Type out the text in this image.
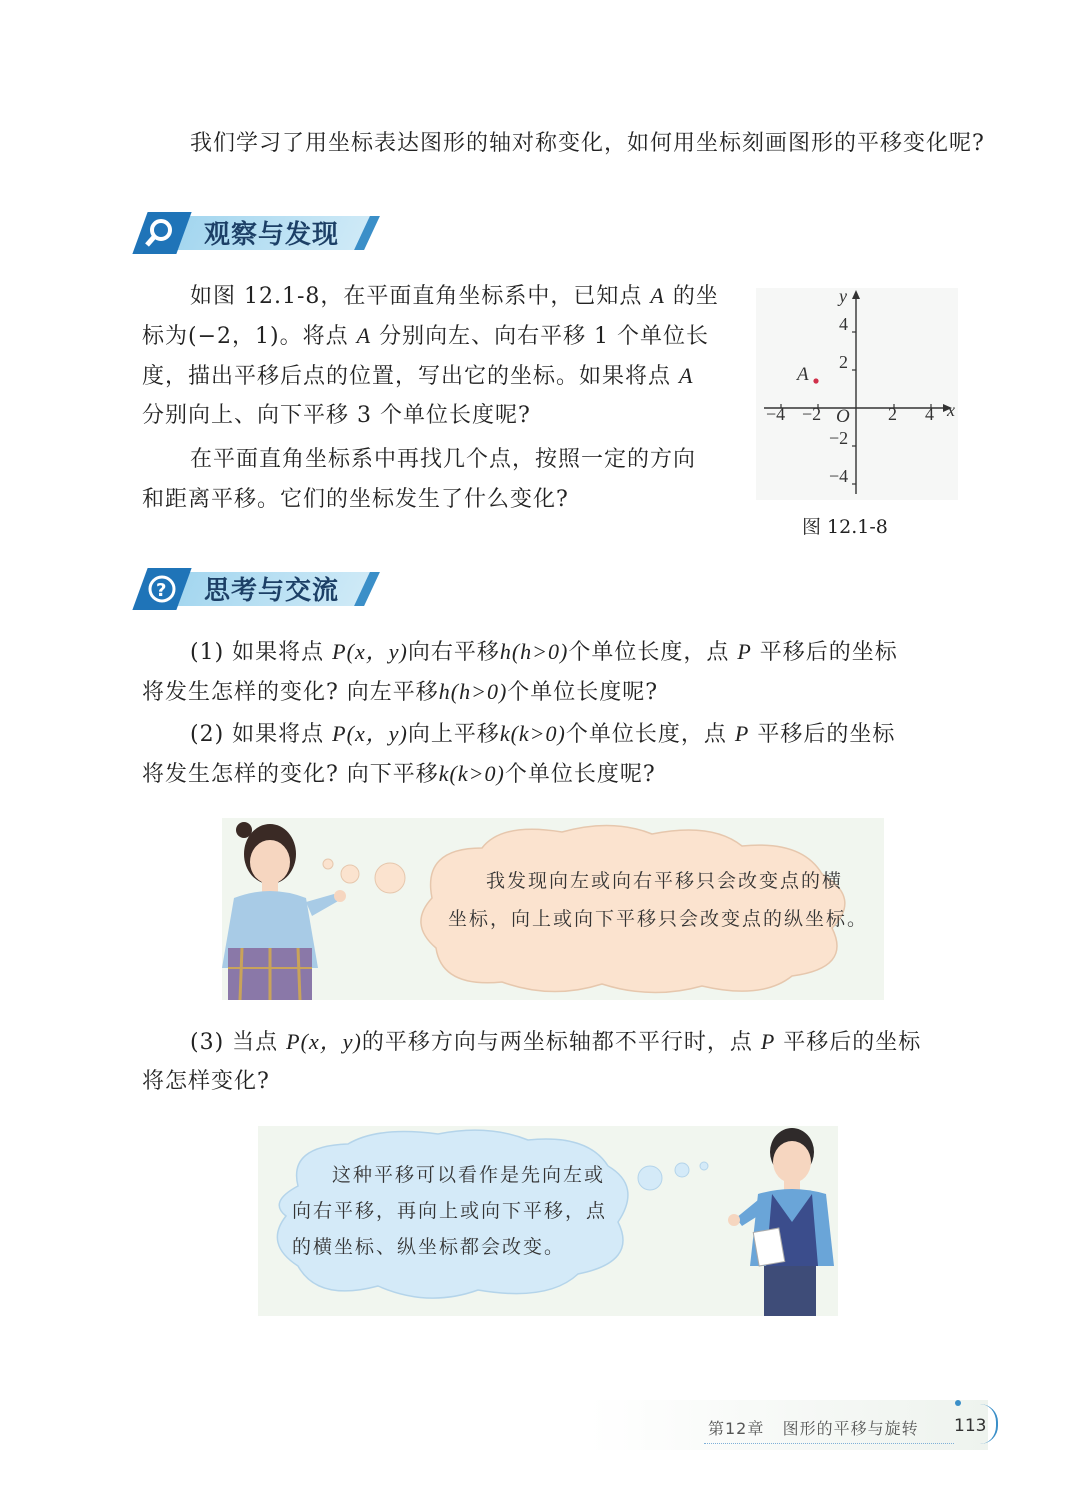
我们学习了用坐标表达图形的轴对称变化，如何用坐标刻画图形的平移变化呢?
观察与发现
如图 12.1-8，在平面直角坐标系中，已知点 A 的坐
标为(−2，1)。将点 A 分别向左、向右平移 1 个单位长
度，描出平移后点的位置，写出它的坐标。如果将点 A
分别向上、向下平移 3 个单位长度呢?
在平面直角坐标系中再找几个点，按照一定的方向
和距离平移。它们的坐标发生了什么变化?
−4 −2	2 4
4
2
−2
−4
O	x
y
A
图 12.1-8
? 思考与交流
(1) 如果将点 P(x，y)向右平移h(h>0)个单位长度，点 P 平移后的坐标
将发生怎样的变化? 向左平移h(h>0)个单位长度呢?
(2) 如果将点 P(x，y)向上平移k(k>0)个单位长度，点 P 平移后的坐标
将发生怎样的变化? 向下平移k(k>0)个单位长度呢?
我发现向左或向右平移只会改变点的横
坐标，向上或向下平移只会改变点的纵坐标。
(3) 当点 P(x，y)的平移方向与两坐标轴都不平行时，点 P 平移后的坐标
将怎样变化?
这种平移可以看作是先向左或
向右平移，再向上或向下平移，点
的横坐标、纵坐标都会改变。
第12章 图形的平移与旋转 113
